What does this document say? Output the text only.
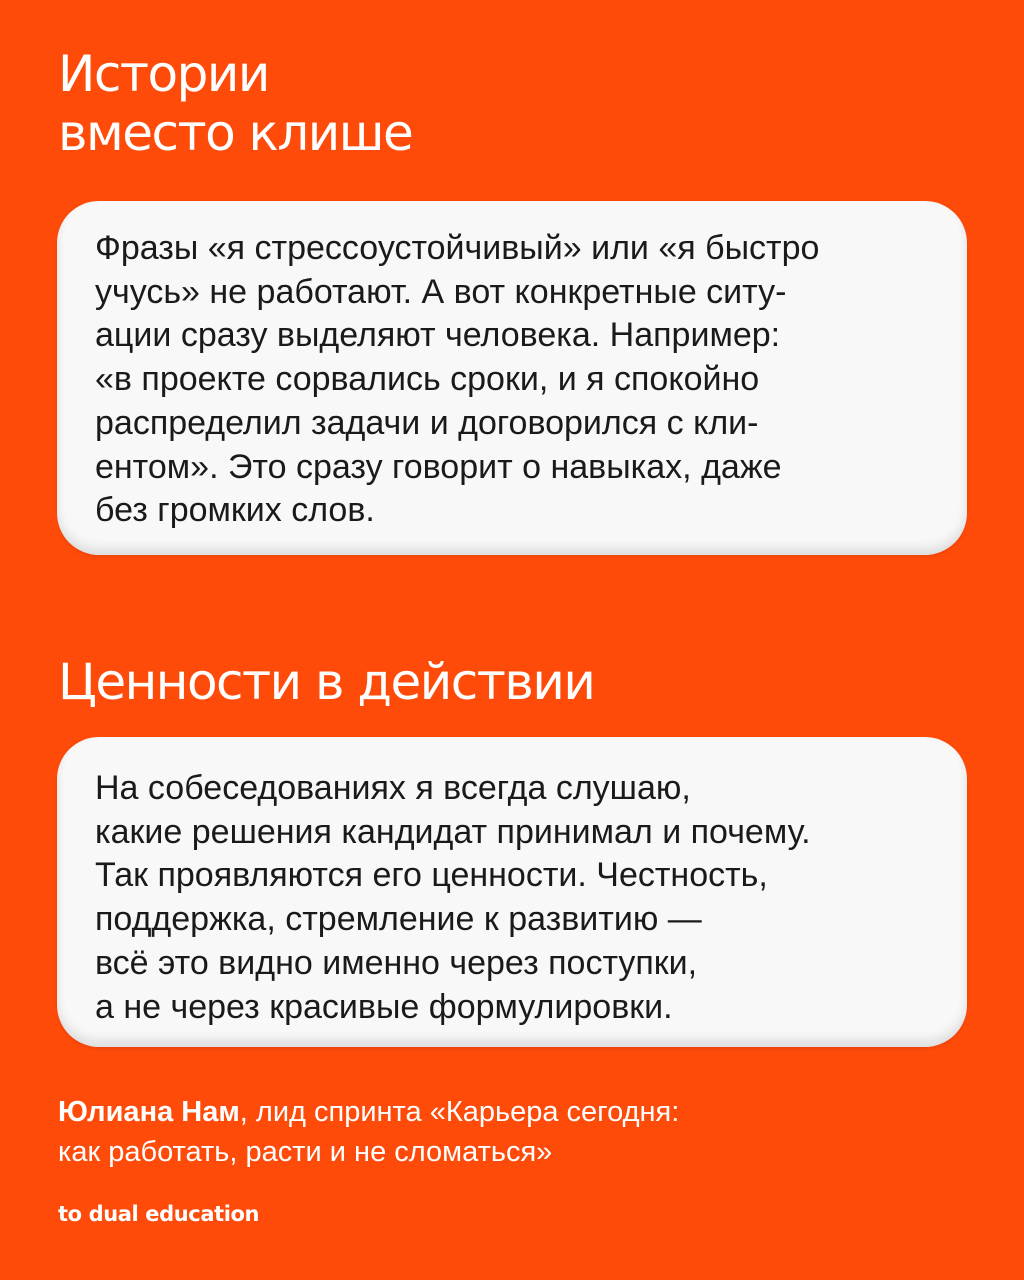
Истории
вместо клише

Фразы «я стрессоустойчивый» или «я быстро
учусь» не работают. А вот конкретные ситу-
ации сразу выделяют человека. Например:
«в проекте сорвались сроки, и я спокойно
распределил задачи и договорился с кли-
ентом». Это сразу говорит о навыках, даже
без громких слов.

Ценности в действии

На собеседованиях я всегда слушаю,
какие решения кандидат принимал и почему.
Так проявляются его ценности. Честность,
поддержка, стремление к развитию —
всё это видно именно через поступки,
а не через красивые формулировки.

Юлиана Нам, лид спринта «Карьера сегодня:
как работать, расти и не сломаться»

to dual education
